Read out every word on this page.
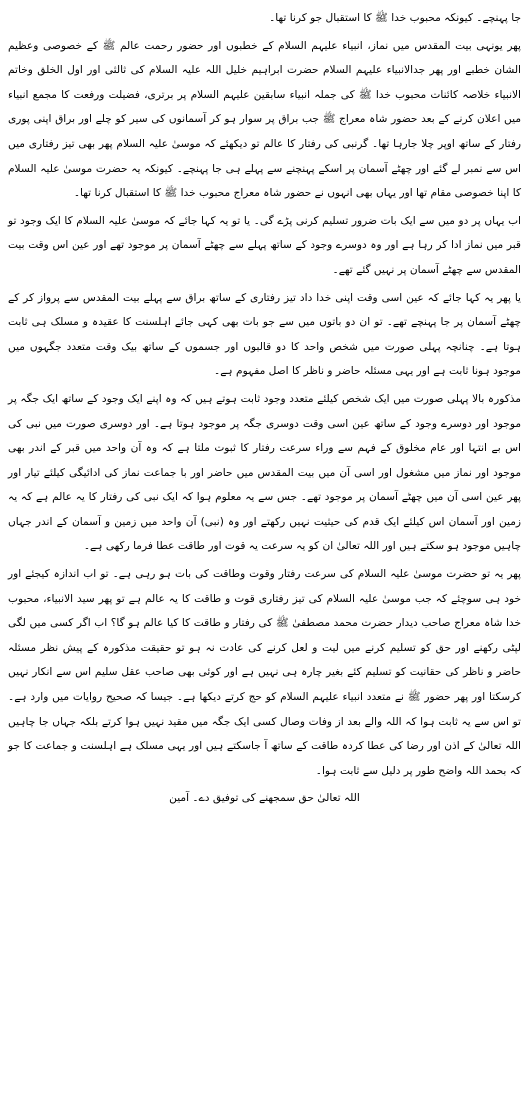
جا پہنچے۔ کیونکہ محبوب خدا ﷺ کا استقبال جو کرنا تھا۔

پھر یونہی بیت المقدس میں نماز، انبیاء علیہم السلام کے خطبوں اور حضور رحمت عالم ﷺ کے خصوصی وعظیم الشان خطبے اور پھر جدالانبیاء علیہم السلام حضرت ابراہیم خلیل اللہ علیہ السلام کی ثالثی اور اول الخلق وخاتم الانبیاء خلاصہ کائنات محبوب خدا ﷺ کی جملہ انبیاء سابقین علیہم السلام پر برتری، فضیلت ورفعت کا مجمع انبیاء میں اعلان کرنے کے بعد حضور شاہ معراج ﷺ جب براق پر سوار ہو کر آسمانوں کی سیر کو چلے اور براق اپنی پوری رفتار کے ساتھ اوپر چلا جارہا تھا۔ گرنبی کی رفتار کا عالم تو دیکھئے کہ موسیٰ علیہ السلام پھر بھی تیز رفتاری میں اس سے نمبر لے گئے اور چھٹے آسمان پر اسکے پہنچنے سے پہلے ہی جا پہنچے۔ کیونکہ یہ حضرت موسیٰ علیہ السلام کا اپنا خصوصی مقام تھا اور یہاں بھی انہوں نے حضور شاہ معراج محبوب خدا ﷺ کا استقبال کرنا تھا۔

اب یہاں پر دو میں سے ایک بات ضرور تسلیم کرنی پڑے گی۔ یا تو یہ کہا جائے کہ موسیٰ علیہ السلام کا ایک وجود تو قبر میں نماز ادا کر رہا ہے اور وہ دوسرے وجود کے ساتھ پہلے سے چھٹے آسمان پر موجود تھے اور عین اس وقت بیت المقدس سے چھٹے آسمان پر نہیں گئے تھے۔

یا پھر یہ کہا جائے کہ عین اسی وقت اپنی خدا داد تیز رفتاری کے ساتھ براق سے پہلے بیت المقدس سے پرواز کر کے چھٹے آسمان پر جا پہنچے تھے۔ تو ان دو باتوں میں سے جو بات بھی کہی جائے اہلسنت کا عقیدہ و مسلک ہی ثابت ہوتا ہے۔ چنانچہ پہلی صورت میں شخص واحد کا دو قالبوں اور جسموں کے ساتھ بیک وقت متعدد جگہوں میں موجود ہونا ثابت ہے اور یہی مسئلہ حاضر و ناظر کا اصل مفہوم ہے۔

مذکورہ بالا پہلی صورت میں ایک شخص کیلئے متعدد وجود ثابت ہوتے ہیں کہ وہ اپنے ایک وجود کے ساتھ ایک جگہ پر موجود اور دوسرے وجود کے ساتھ عین اسی وقت دوسری جگہ پر موجود ہوتا ہے۔ اور دوسری صورت میں نبی کی اس بے انتہا اور عام مخلوق کے فہم سے وراء سرعت رفتار کا ثبوت ملتا ہے کہ وہ آن واحد میں قبر کے اندر بھی موجود اور نماز میں مشغول اور اسی آن میں بیت المقدس میں حاضر اور با جماعت نماز کی ادائیگی کیلئے تیار اور پھر عین اسی آن میں چھٹے آسمان پر موجود تھے۔ جس سے یہ معلوم ہوا کہ ایک نبی کی رفتار کا یہ عالم ہے کہ یہ زمین اور آسمان اس کیلئے ایک قدم کی حیثیت نہیں رکھتے اور وہ (نبی) آن واحد میں زمین و آسمان کے اندر جہاں چاہیں موجود ہو سکتے ہیں اور اللہ تعالیٰ ان کو یہ سرعت یہ قوت اور طاقت عطا فرما رکھی ہے۔

پھر یہ تو حضرت موسیٰ علیہ السلام کی سرعت رفتار وقوت وطاقت کی بات ہو رہی ہے۔ تو اب اندازہ کیجئے اور خود ہی سوچئے کہ جب موسیٰ علیہ السلام کی تیز رفتاری قوت و طاقت کا یہ عالم ہے تو پھر سید الانبیاء، محبوب خدا شاہ معراج صاحب دیدار حضرت محمد مصطفیٰ ﷺ کی رفتار و طاقت کا کیا عالم ہو گا؟ اب اگر کسی میں لگی لپٹی رکھنے اور حق کو تسلیم کرنے میں لیت و لعل کرنے کی عادت نہ ہو تو حقیقت مذکورہ کے پیش نظر مسئلہ حاضر و ناظر کی حقانیت کو تسلیم کئے بغیر چارہ ہی نہیں ہے اور کوئی بھی صاحب عقل سلیم اس سے انکار نہیں کرسکتا اور پھر حضور ﷺ نے متعدد انبیاء علیہم السلام کو حج کرتے دیکھا ہے۔ جیسا کہ صحیح روایات میں وارد ہے۔ تو اس سے یہ ثابت ہوا کہ اللہ والے بعد از وفات وصال کسی ایک جگہ میں مقید نہیں ہوا کرتے بلکہ جہاں جا چاہیں اللہ تعالیٰ کے اذن اور رضا کی عطا کردہ طاقت کے ساتھ آ جاسکتے ہیں اور یہی مسلک ہے اہلسنت و جماعت کا جو کہ بحمد اللہ واضح طور پر دلیل سے ثابت ہوا۔

اللہ تعالیٰ حق سمجھنے کی توفیق دے۔ آمین
